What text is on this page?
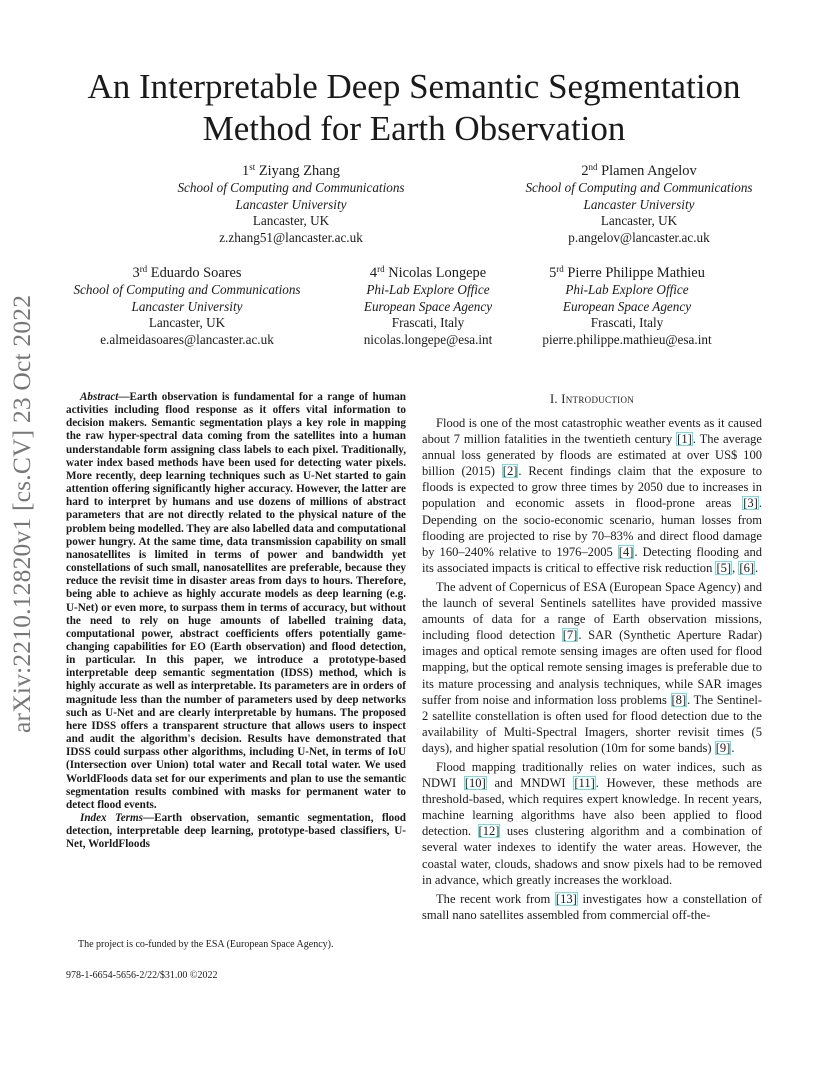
An Interpretable Deep Semantic Segmentation Method for Earth Observation
1st Ziyang Zhang
School of Computing and Communications
Lancaster University
Lancaster, UK
z.zhang51@lancaster.ac.uk
2nd Plamen Angelov
School of Computing and Communications
Lancaster University
Lancaster, UK
p.angelov@lancaster.ac.uk
3rd Eduardo Soares
School of Computing and Communications
Lancaster University
Lancaster, UK
e.almeidasoares@lancaster.ac.uk
4rd Nicolas Longepe
Phi-Lab Explore Office
European Space Agency
Frascati, Italy
nicolas.longepe@esa.int
5rd Pierre Philippe Mathieu
Phi-Lab Explore Office
European Space Agency
Frascati, Italy
pierre.philippe.mathieu@esa.int
arXiv:2210.12820v1 [cs.CV] 23 Oct 2022	Abstract—Earth observation is fundamental for a range of human activities including flood response as it offers vital information to decision makers. Semantic segmentation plays a key role in mapping the raw hyper-spectral data coming from the satellites into a human understandable form assigning class labels to each pixel. Traditionally, water index based methods have been used for detecting water pixels. More recently, deep learning techniques such as U-Net started to gain attention offering significantly higher accuracy. However, the latter are hard to interpret by humans and use dozens of millions of abstract parameters that are not directly related to the physical nature of the problem being modelled. They are also labelled data and computational power hungry. At the same time, data transmission capability on small nanosatellites is limited in terms of power and bandwidth yet constellations of such small, nanosatellites are preferable, because they reduce the revisit time in disaster areas from days to hours. Therefore, being able to achieve as highly accurate models as deep learning (e.g. U-Net) or even more, to surpass them in terms of accuracy, but without the need to rely on huge amounts of labelled training data, computational power, abstract coefficients offers potentially game-changing capabilities for EO (Earth observation) and flood detection, in particular. In this paper, we introduce a prototype-based interpretable deep semantic segmentation (IDSS) method, which is highly accurate as well as interpretable. Its parameters are in orders of magnitude less than the number of parameters used by deep networks such as U-Net and are clearly interpretable by humans. The proposed here IDSS offers a transparent structure that allows users to inspect and audit the algorithm's decision. Results have demonstrated that IDSS could surpass other algorithms, including U-Net, in terms of IoU (Intersection over Union) total water and Recall total water. We used WorldFloods data set for our experiments and plan to use the semantic segmentation results combined with masks for permanent water to detect flood events.

Index Terms—Earth observation, semantic segmentation, flood detection, interpretable deep learning, prototype-based classifiers, U-Net, WorldFloods

The project is co-funded by the ESA (European Space Agency).
978-1-6654-5656-2/22/$31.00 ©2022
I. Introduction

Flood is one of the most catastrophic weather events as it caused about 7 million fatalities in the twentieth century [1]. The average annual loss generated by floods are estimated at over US$ 100 billion (2015) [2]. Recent findings claim that the exposure to floods is expected to grow three times by 2050 due to increases in population and economic assets in flood-prone areas [3]. Depending on the socio-economic scenario, human losses from flooding are projected to rise by 70–83% and direct flood damage by 160–240% relative to 1976–2005 [4]. Detecting flooding and its associated impacts is critical to effective risk reduction [5], [6].

The advent of Copernicus of ESA (European Space Agency) and the launch of several Sentinels satellites have provided massive amounts of data for a range of Earth observation missions, including flood detection [7]. SAR (Synthetic Aperture Radar) images and optical remote sensing images are often used for flood mapping, but the optical remote sensing images is preferable due to its mature processing and analysis techniques, while SAR images suffer from noise and information loss problems [8]. The Sentinel-2 satellite constellation is often used for flood detection due to the availability of Multi-Spectral Imagers, shorter revisit times (5 days), and higher spatial resolution (10m for some bands) [9].

Flood mapping traditionally relies on water indices, such as NDWI [10] and MNDWI [11]. However, these methods are threshold-based, which requires expert knowledge. In recent years, machine learning algorithms have also been applied to flood detection. [12] uses clustering algorithm and a combination of several water indexes to identify the water areas. However, the coastal water, clouds, shadows and snow pixels had to be removed in advance, which greatly increases the workload.

The recent work from [13] investigates how a constellation of small nano satellites assembled from commercial off-the-
